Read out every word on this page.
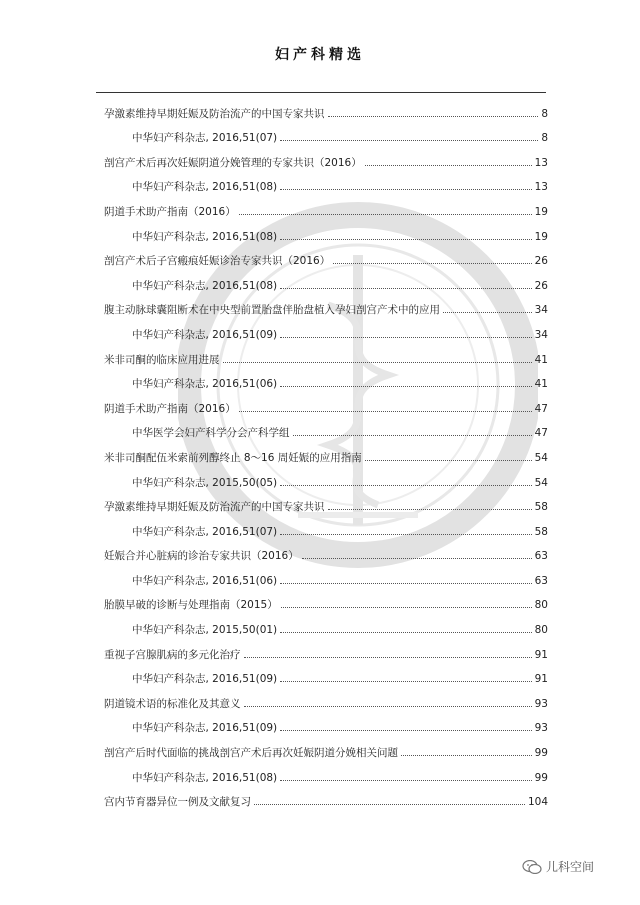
妇产科精选
孕激素维持早期妊娠及防治流产的中国专家共识	8
中华妇产科杂志, 2016,51(07)	8
剖宫产术后再次妊娠阴道分娩管理的专家共识（2016）	13
中华妇产科杂志, 2016,51(08)	13
阴道手术助产指南（2016）	19
中华妇产科杂志, 2016,51(08)	19
剖宫产术后子宫瘢痕妊娠诊治专家共识（2016）	26
中华妇产科杂志, 2016,51(08)	26
腹主动脉球囊阻断术在中央型前置胎盘伴胎盘植入孕妇剖宫产术中的应用	34
中华妇产科杂志, 2016,51(09)	34
米非司酮的临床应用进展	41
中华妇产科杂志, 2016,51(06)	41
阴道手术助产指南（2016）	47
中华医学会妇产科学分会产科学组	47
米非司酮配伍米索前列醇终止 8～16 周妊娠的应用指南	54
中华妇产科杂志, 2015,50(05)	54
孕激素维持早期妊娠及防治流产的中国专家共识	58
中华妇产科杂志, 2016,51(07)	58
妊娠合并心脏病的诊治专家共识（2016）	63
中华妇产科杂志, 2016,51(06)	63
胎膜早破的诊断与处理指南（2015）	80
中华妇产科杂志, 2015,50(01)	80
重视子宫腺肌病的多元化治疗	91
中华妇产科杂志, 2016,51(09)	91
阴道镜术语的标准化及其意义	93
中华妇产科杂志, 2016,51(09)	93
剖宫产后时代面临的挑战剖宫产术后再次妊娠阴道分娩相关问题	99
中华妇产科杂志, 2016,51(08)	99
宫内节育器异位一例及文献复习	104
儿科空间
